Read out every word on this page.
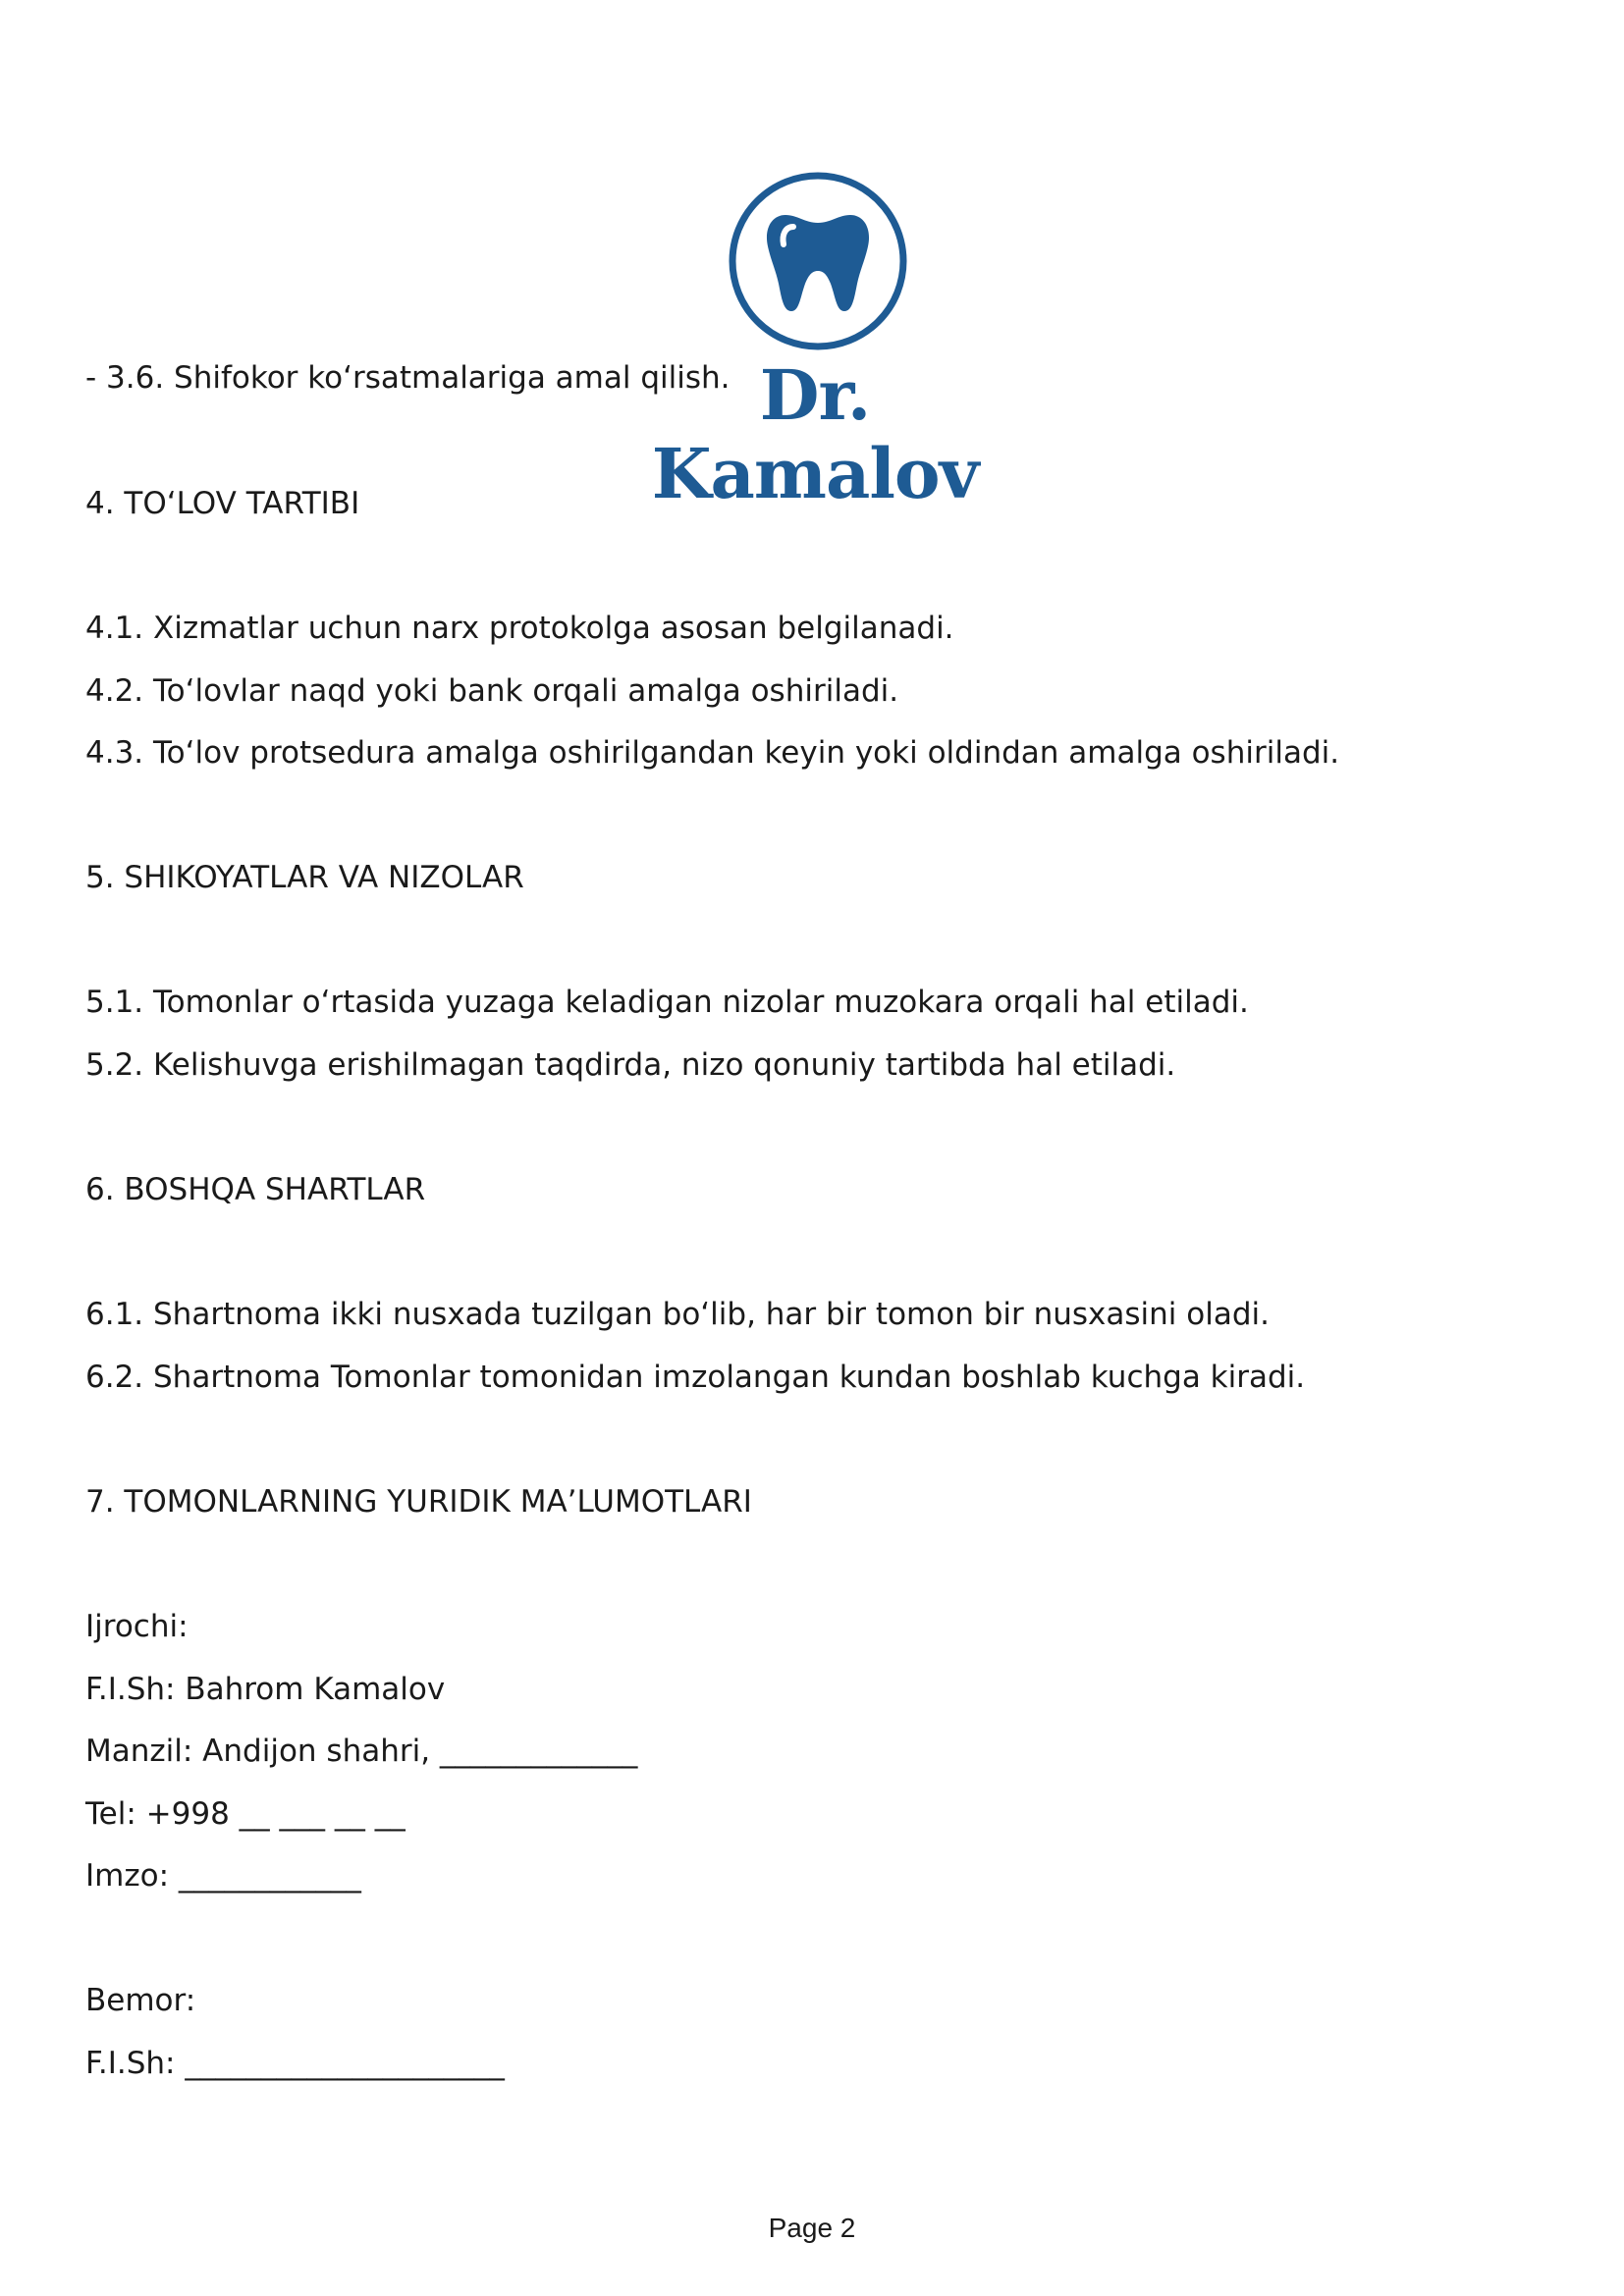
Dr. Kamalov

- 3.6. Shifokor koʻrsatmalariga amal qilish.

4. TOʻLOV TARTIBI

4.1. Xizmatlar uchun narx protokolga asosan belgilanadi.

4.2. Toʻlovlar naqd yoki bank orqali amalga oshiriladi.

4.3. Toʻlov protsedura amalga oshirilgandan keyin yoki oldindan amalga oshiriladi.

5. SHIKOYATLAR VA NIZOLAR

5.1. Tomonlar oʻrtasida yuzaga keladigan nizolar muzokara orqali hal etiladi.

5.2. Kelishuvga erishilmagan taqdirda, nizo qonuniy tartibda hal etiladi.

6. BOSHQA SHARTLAR

6.1. Shartnoma ikki nusxada tuzilgan boʻlib, har bir tomon bir nusxasini oladi.

6.2. Shartnoma Tomonlar tomonidan imzolangan kundan boshlab kuchga kiradi.

7. TOMONLARNING YURIDIK MAʼLUMOTLARI

Ijrochi:

F.I.Sh: Bahrom Kamalov

Manzil: Andijon shahri, _____________

Tel: +998 __ ___ __ __

Imzo: ____________

Bemor:

F.I.Sh: _____________________

Page 2
